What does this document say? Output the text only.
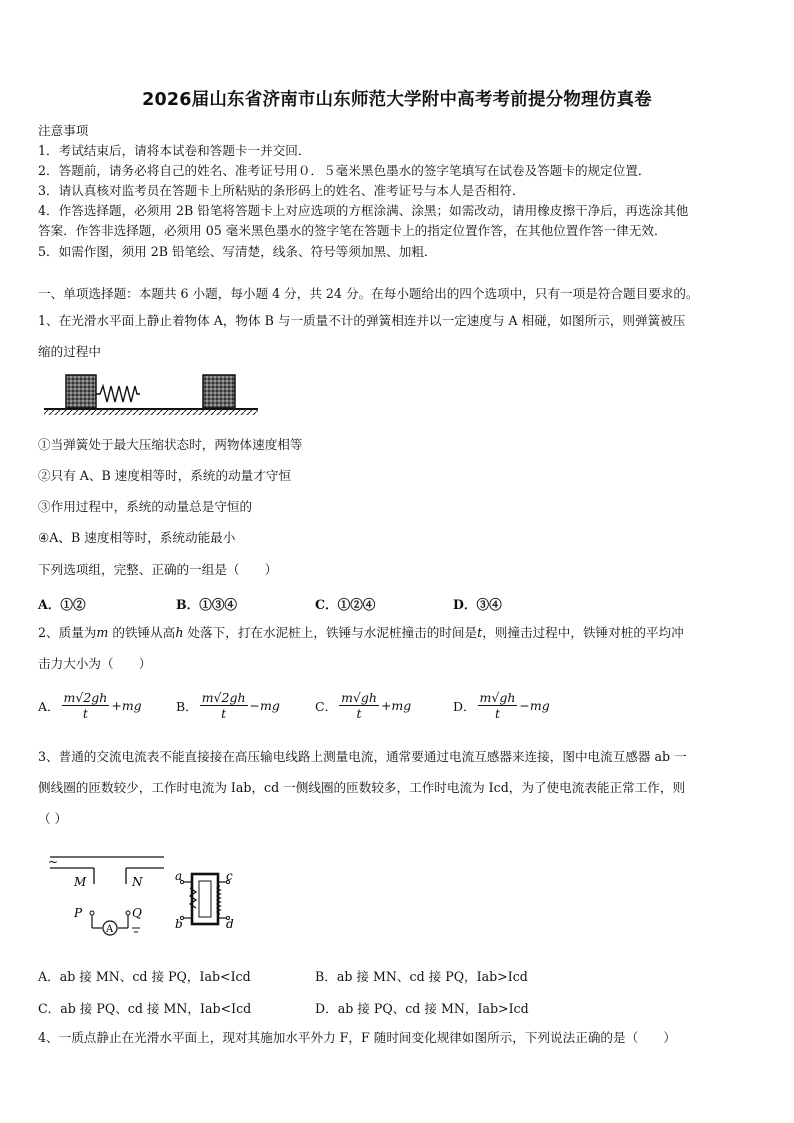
2026届山东省济南市山东师范大学附中高考考前提分物理仿真卷
注意事项
1．考试结束后，请将本试卷和答题卡一并交回．
2．答题前，请务必将自己的姓名、准考证号用０．５毫米黑色墨水的签字笔填写在试卷及答题卡的规定位置．
3．请认真核对监考员在答题卡上所粘贴的条形码上的姓名、准考证号与本人是否相符．
4．作答选择题，必须用 2B 铅笔将答题卡上对应选项的方框涂满、涂黑；如需改动，请用橡皮擦干净后，再选涂其他
答案．作答非选择题，必须用 05 毫米黑色墨水的签字笔在答题卡上的指定位置作答，在其他位置作答一律无效．
5．如需作图，须用 2B 铅笔绘、写清楚，线条、符号等须加黑、加粗．
一、单项选择题：本题共 6 小题，每小题 4 分，共 24 分。在每小题给出的四个选项中，只有一项是符合题目要求的。
1、在光滑水平面上静止着物体 A，物体 B 与一质量不计的弹簧相连并以一定速度与 A 相碰，如图所示，则弹簧被压
缩的过程中
①当弹簧处于最大压缩状态时，两物体速度相等
②只有 A、B 速度相等时，系统的动量才守恒
③作用过程中，系统的动量总是守恒的
④A、B 速度相等时，系统动能最小
下列选项组，完整、正确的一组是（　　）
A．①②	B．①③④	C．①②④	D．③④
2、质量为m 的铁锤从高h 处落下，打在水泥桩上，铁锤与水泥桩撞击的时间是t，则撞击过程中，铁锤对桩的平均冲
击力大小为（　　）
A． $\frac{m√2gh}{t} +mg$	B． $\frac{m√2gh}{t} -mg$	C． $\frac{m√gh}{t} +mg$	D． $\frac{m√gh}{t} -mg$
3、普通的交流电流表不能直接接在高压输电线路上测量电流，通常要通过电流互感器来连接，图中电流互感器 ab 一
侧线圈的匝数较少，工作时电流为 Iab，cd 一侧线圈的匝数较多，工作时电流为 Icd，为了使电流表能正常工作，则
（ ）
~
M	N
P	Q
A
a
b
c
d
A．ab 接 MN、cd 接 PQ，Iab<Icd	B．ab 接 MN、cd 接 PQ，Iab>Icd
C．ab 接 PQ、cd 接 MN，Iab<Icd	D．ab 接 PQ、cd 接 MN，Iab>Icd
4、一质点静止在光滑水平面上，现对其施加水平外力 F，F 随时间变化规律如图所示，下列说法正确的是（　　）
